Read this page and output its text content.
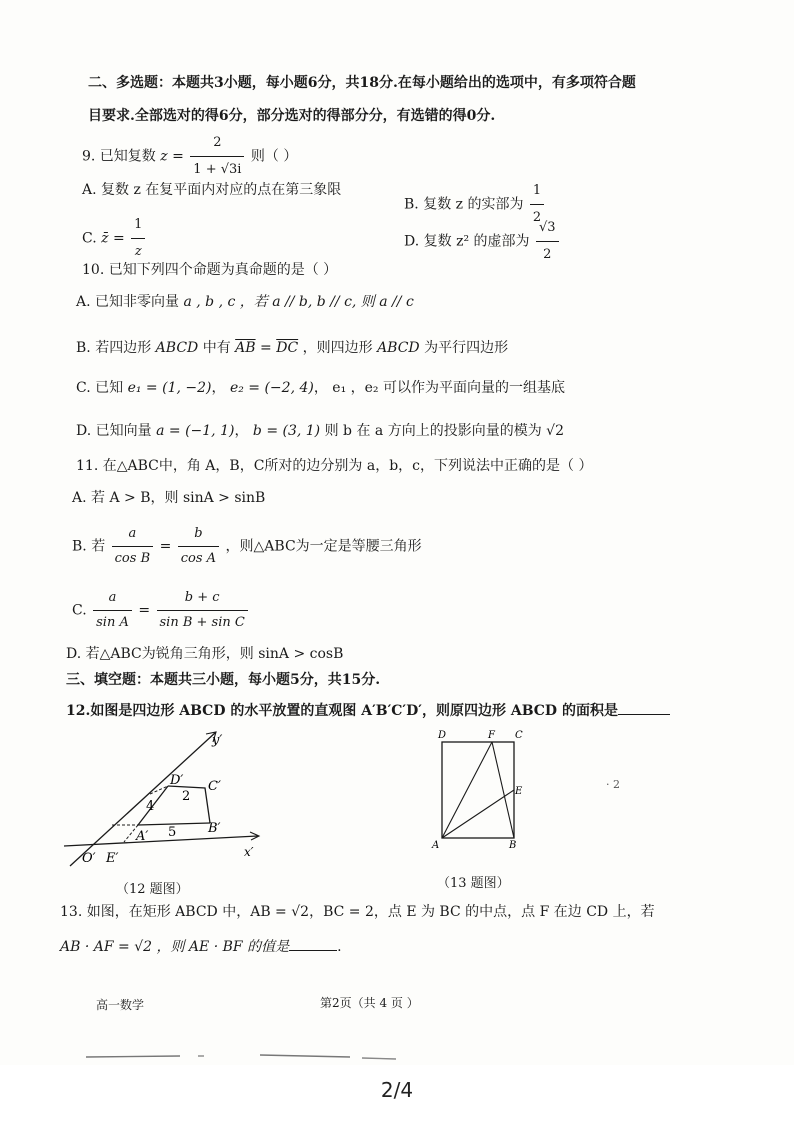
二、多选题：本题共3小题，每小题6分，共18分.在每小题给出的选项中，有多项符合题
目要求.全部选对的得6分，部分选对的得部分分，有选错的得0分.
9. 已知复数 $z = \frac{2}{1 + √3i}$ 则（ ）
A. 复数 z 在复平面内对应的点在第三象限
B. 复数 z 的实部为 $\frac{1}{2}$
C. z̄ = $\frac{1}{z}$	D. 复数 z² 的虚部为 $\frac{√3}{2}$
10. 已知下列四个命题为真命题的是（ ）
A. 已知非零向量 a , b , c ，若 a // b, b // c, 则 a // c
B. 若四边形 ABCD 中有 $\overline{AB} = \overline{DC}$ ，则四边形 ABCD 为平行四边形
C. 已知 e₁ = (1, −2)， e₂ = (−2, 4)， e₁ ，e₂ 可以作为平面向量的一组基底
D. 已知向量 a = (−1, 1)， b = (3, 1) 则 b 在 a 方向上的投影向量的模为 √2
11. 在△ABC中，角 A，B，C所对的边分别为 a，b，c，下列说法中正确的是（ ）
A. 若 A > B，则 sinA > sinB
B. 若 $\frac{a}{\text{cos B}} = \frac{b}{\text{cos A}}$ ，则△ABC为一定是等腰三角形
C. $\frac{a}{\text{sin A}} = \frac{b + c}{\text{sin B + sin C}}$
D. 若△ABC为锐角三角形，则 sinA > cosB
三、填空题：本题共三小题，每小题5分，共15分.
12.如图是四边形 ABCD 的水平放置的直观图 A′B′C′D′，则原四边形 ABCD 的面积是
y′
x′
O′ E′
A′
B′
C′
D′
4
2
5
（12 题图）
D	F C
E
A	B
（13 题图）
· 2
13. 如图，在矩形 ABCD 中，AB = √2，BC = 2，点 E 为 BC 的中点，点 F 在边 CD 上，若
AB · AF = √2 ，则 AE · BF 的值是	.
高一数学	第2页（共 4 页 ）
2/4
